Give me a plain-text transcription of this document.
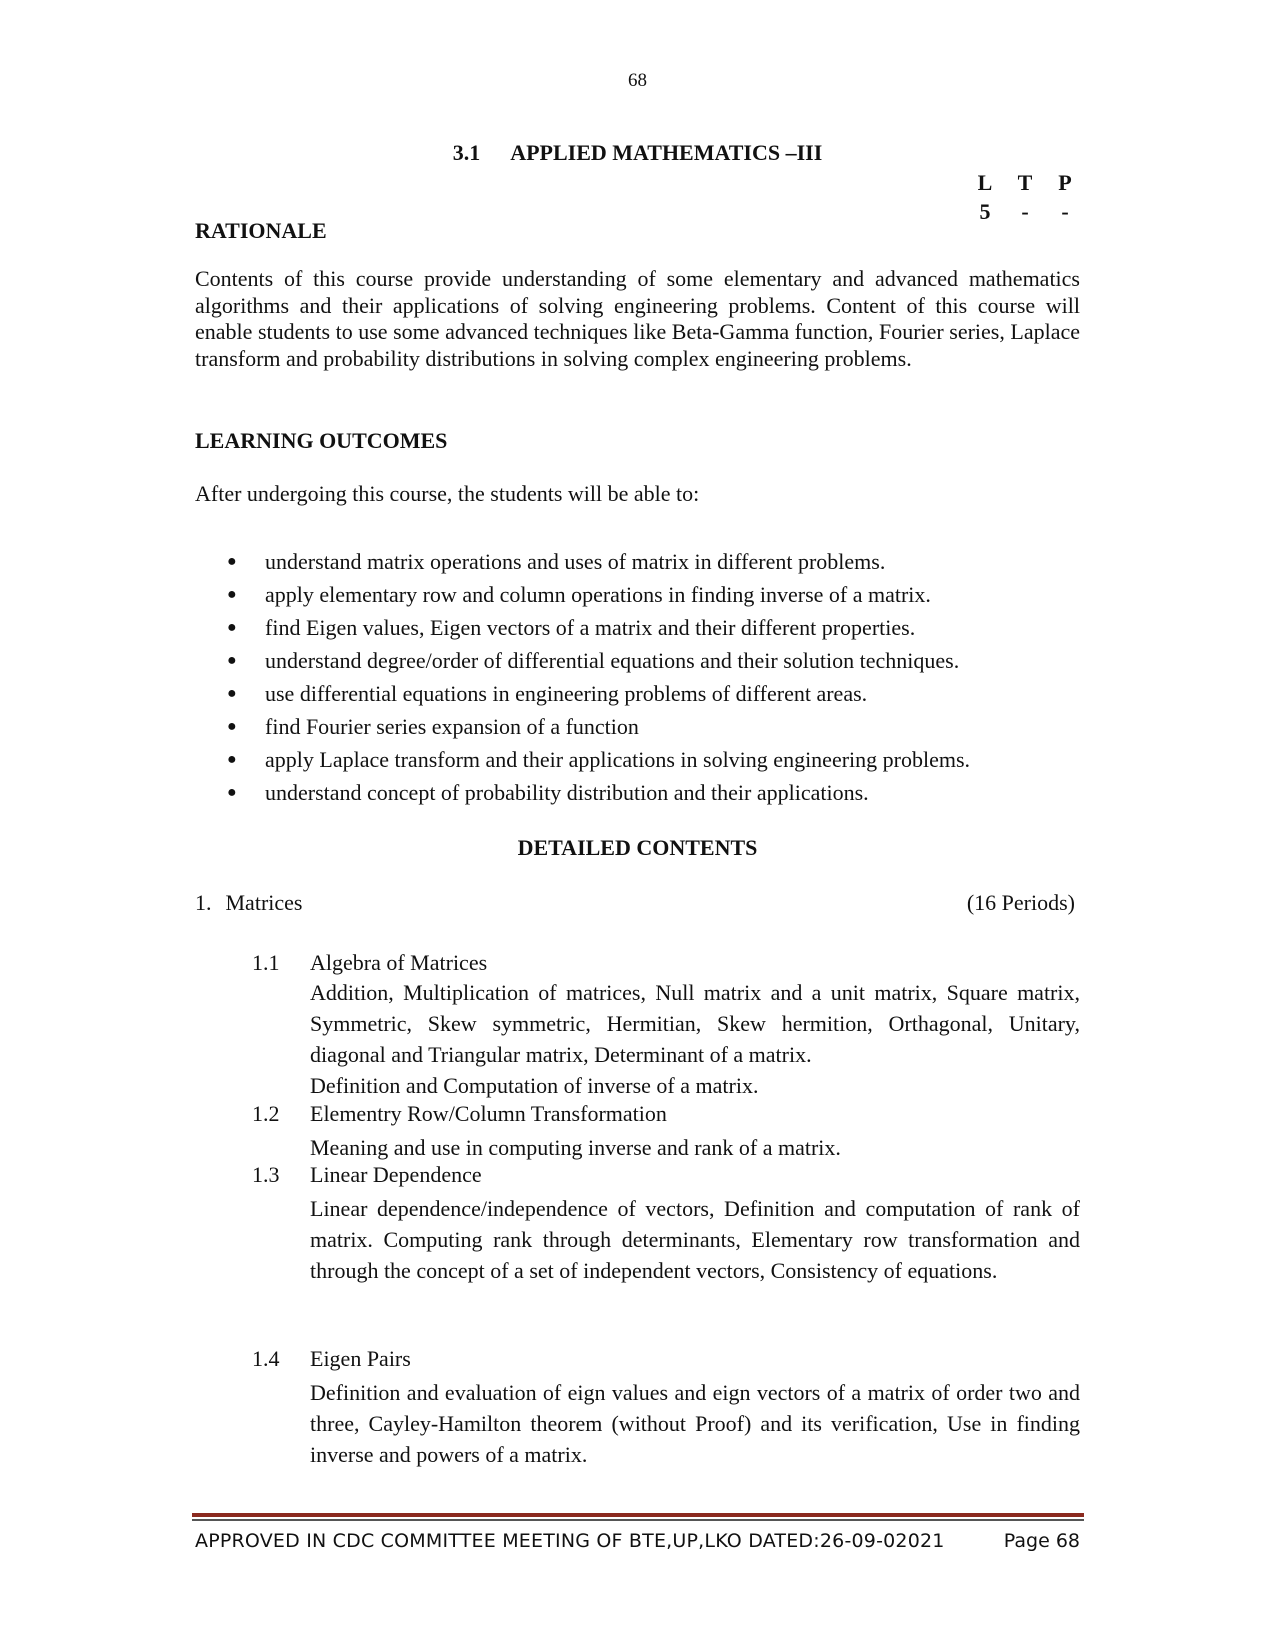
68
3.1 APPLIED MATHEMATICS –III
L	T	P
5	-	-
RATIONALE
Contents of this course provide understanding of some elementary and advanced mathematics algorithms and their applications of solving engineering problems. Content of this course will enable students to use some advanced techniques like Beta-Gamma function, Fourier series, Laplace transform and probability distributions in solving complex engineering problems.
LEARNING OUTCOMES
After undergoing this course, the students will be able to:
● understand matrix operations and uses of matrix in different problems.
● apply elementary row and column operations in finding inverse of a matrix.
● find Eigen values, Eigen vectors of a matrix and their different properties.
● understand degree/order of differential equations and their solution techniques.
● use differential equations in engineering problems of different areas.
● find Fourier series expansion of a function
● apply Laplace transform and their applications in solving engineering problems.
● understand concept of probability distribution and their applications.
DETAILED CONTENTS
1. Matrices	(16 Periods)
1.1 Algebra of Matrices
Addition, Multiplication of matrices, Null matrix and a unit matrix, Square matrix, Symmetric, Skew symmetric, Hermitian, Skew hermition, Orthagonal, Unitary, diagonal and Triangular matrix, Determinant of a matrix.
Definition and Computation of inverse of a matrix.
1.2 Elementry Row/Column Transformation
Meaning and use in computing inverse and rank of a matrix.
1.3 Linear Dependence
Linear dependence/independence of vectors, Definition and computation of rank of matrix. Computing rank through determinants, Elementary row transformation and through the concept of a set of independent vectors, Consistency of equations.
1.4 Eigen Pairs
Definition and evaluation of eign values and eign vectors of a matrix of order two and three, Cayley-Hamilton theorem (without Proof) and its verification, Use in finding inverse and powers of a matrix.
APPROVED IN CDC COMMITTEE MEETING OF BTE,UP,LKO DATED:26-09-02021	Page 68
